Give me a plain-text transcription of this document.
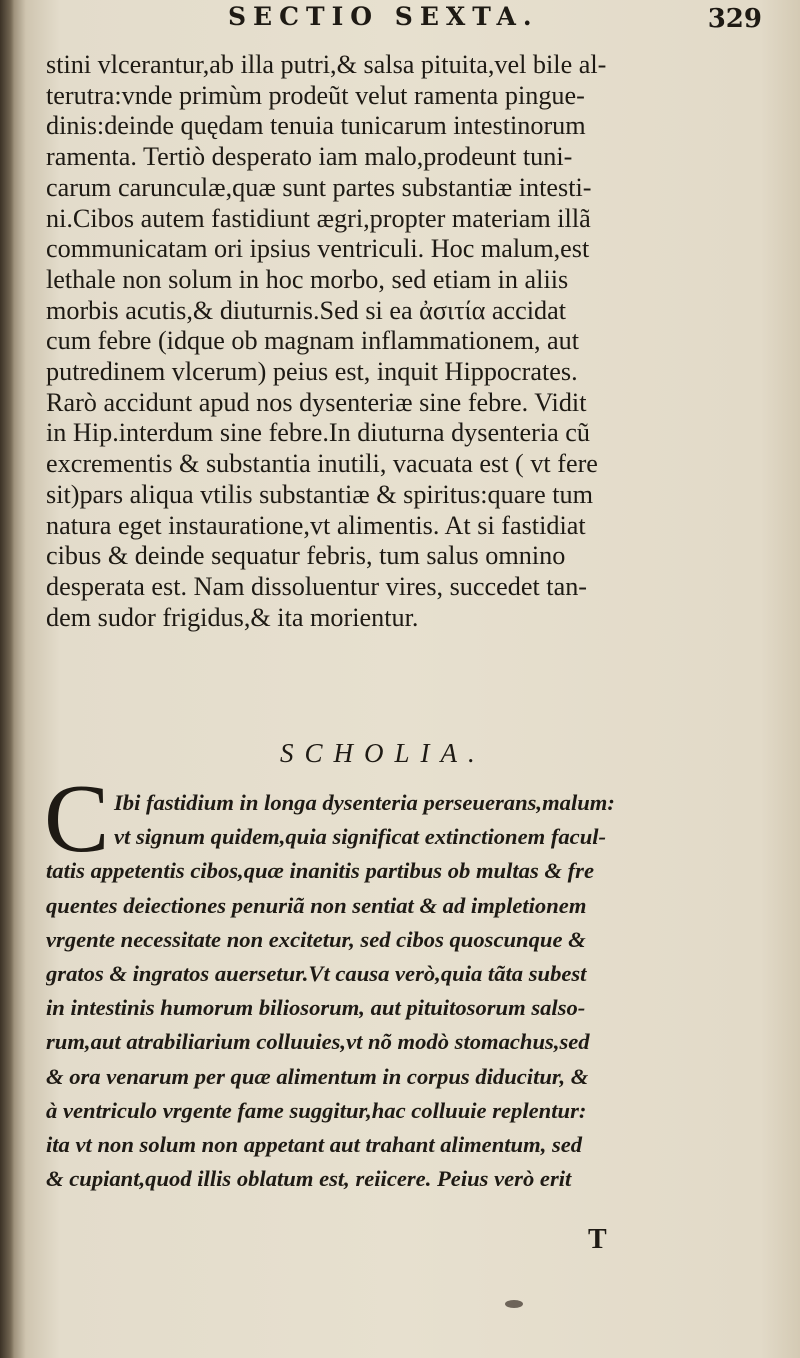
SECTIO SEXTA.	329
stini vlcerantur,ab illa putri,& salsa pituita,vel bile al-
terutra:vnde primùm prodeũt velut ramenta pingue-
dinis:deinde quędam tenuia tunicarum intestinorum
ramenta. Tertiò desperato iam malo,prodeunt tuni-
carum carunculæ,quæ sunt partes substantiæ intesti-
ni.Cibos autem fastidiunt ægri,propter materiam illã
communicatam ori ipsius ventriculi. Hoc malum,est
lethale non solum in hoc morbo, sed etiam in aliis
morbis acutis,& diuturnis.Sed si ea ἀσιτία accidat
cum febre (idque ob magnam inflammationem, aut
putredinem vlcerum) peius est, inquit Hippocrates.
Rarò accidunt apud nos dysenteriæ sine febre. Vidit
in Hip.interdum sine febre.In diuturna dysenteria cũ
excrementis & substantia inutili, vacuata est ( vt fere
sit)pars aliqua vtilis substantiæ & spiritus:quare tum
natura eget instauratione,vt alimentis. At si fastidiat
cibus & deinde sequatur febris, tum salus omnino
desperata est. Nam dissoluentur vires, succedet tan-
dem sudor frigidus,& ita morientur.
SCHOLIA.
C Ibi fastidium in longa dysenteria perseuerans,malum:
vt signum quidem,quia significat extinctionem facul-
tatis appetentis cibos,quæ inanitis partibus ob multas & fre
quentes deiectiones penuriã non sentiat & ad impletionem
vrgente necessitate non excitetur, sed cibos quoscunque &
gratos & ingratos auersetur.Vt causa verò,quia tãta subest
in intestinis humorum biliosorum, aut pituitosorum salso-
rum,aut atrabiliarium colluuies,vt nõ modò stomachus,sed
& ora venarum per quæ alimentum in corpus diducitur, &
à ventriculo vrgente fame suggitur,hac colluuie replentur:
ita vt non solum non appetant aut trahant alimentum, sed
& cupiant,quod illis oblatum est, reiicere. Peius verò erit
T
